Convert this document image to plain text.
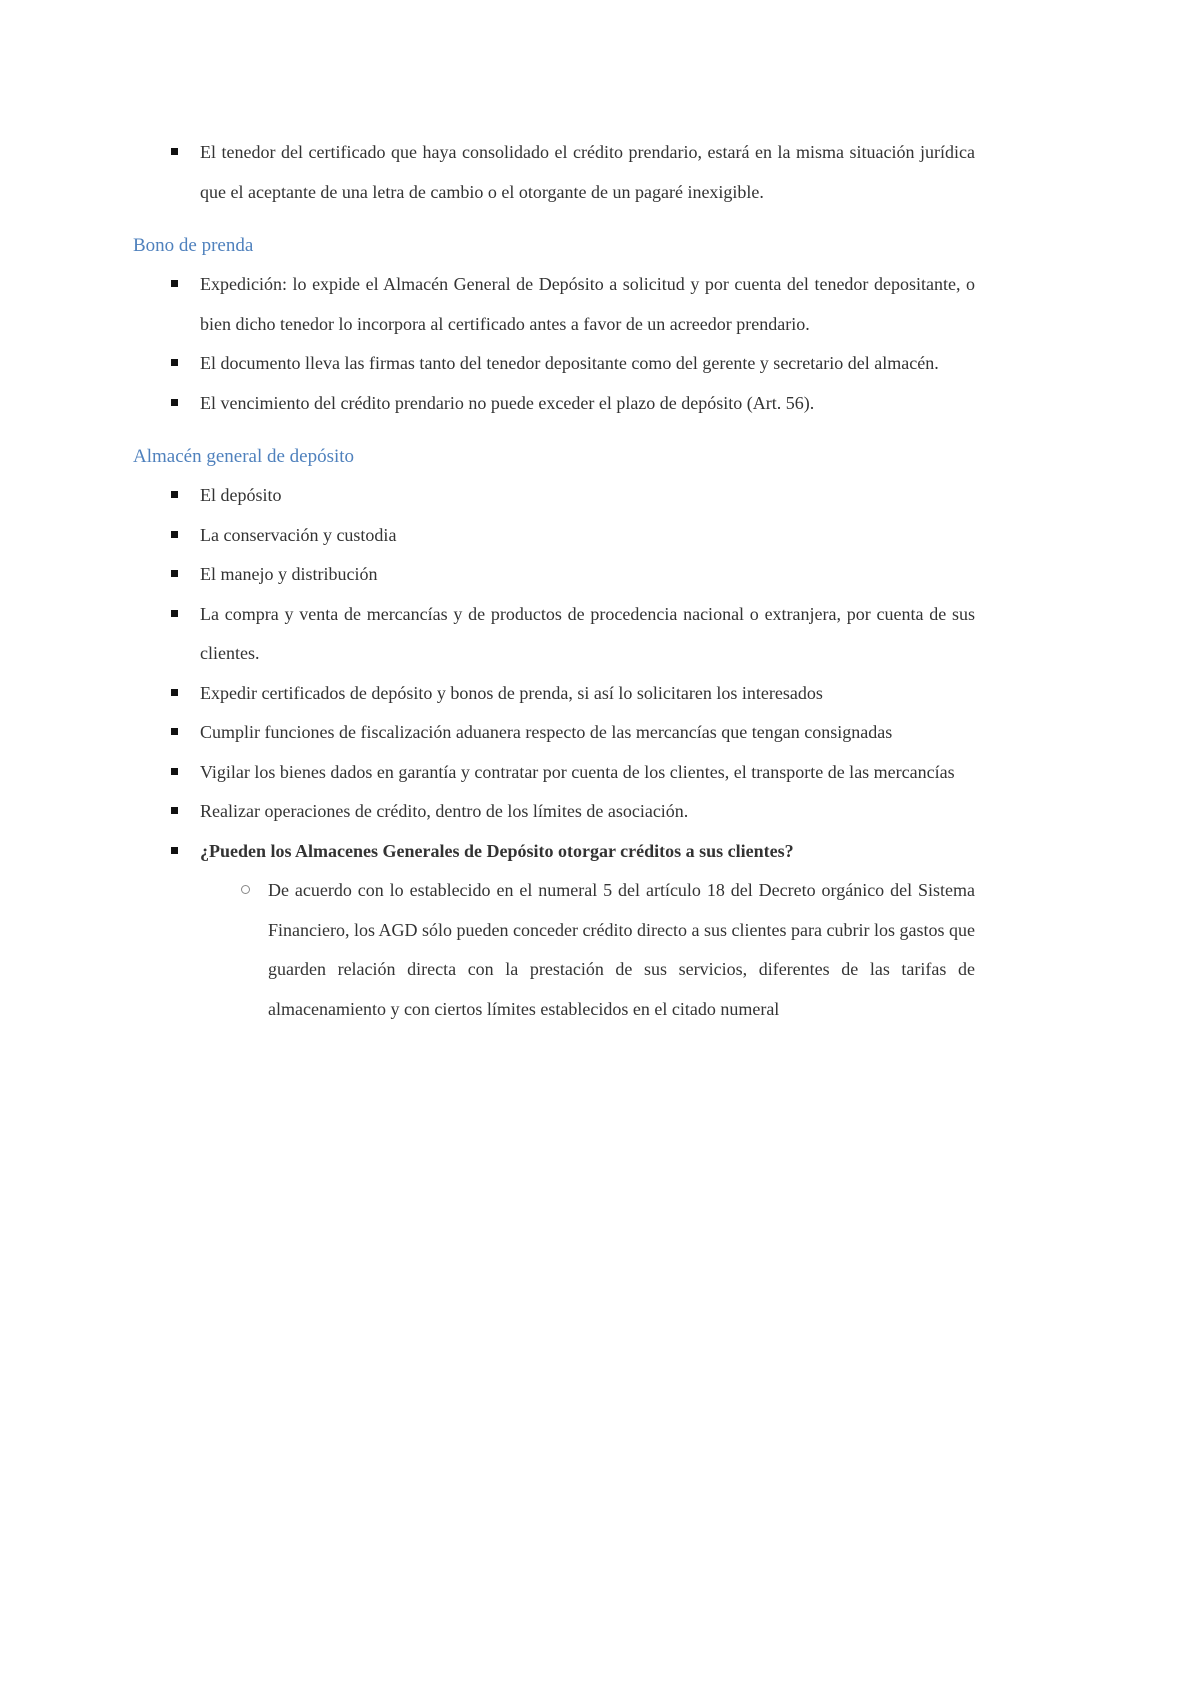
El tenedor del certificado que haya consolidado el crédito prendario, estará en la misma situación jurídica que el aceptante de una letra de cambio o el otorgante de un pagaré inexigible.
Bono de prenda
Expedición: lo expide el Almacén General de Depósito a solicitud y por cuenta del tenedor depositante, o bien dicho tenedor lo incorpora al certificado antes a favor de un acreedor prendario.
El documento lleva las firmas tanto del tenedor depositante como del gerente y secretario del almacén.
El vencimiento del crédito prendario no puede exceder el plazo de depósito (Art. 56).
Almacén general de depósito
El depósito
La conservación y custodia
El manejo y distribución
La compra y venta de mercancías y de productos de procedencia nacional o extranjera, por cuenta de sus clientes.
Expedir certificados de depósito y bonos de prenda, si así lo solicitaren los interesados
Cumplir funciones de fiscalización aduanera respecto de las mercancías que tengan consignadas
Vigilar los bienes dados en garantía y contratar por cuenta de los clientes, el transporte de las mercancías
Realizar operaciones de crédito, dentro de los límites de asociación.
¿Pueden los Almacenes Generales de Depósito otorgar créditos a sus clientes?
De acuerdo con lo establecido en el numeral 5 del artículo 18 del Decreto orgánico del Sistema Financiero, los AGD sólo pueden conceder crédito directo a sus clientes para cubrir los gastos que guarden relación directa con la prestación de sus servicios, diferentes de las tarifas de almacenamiento y con ciertos límites establecidos en el citado numeral
